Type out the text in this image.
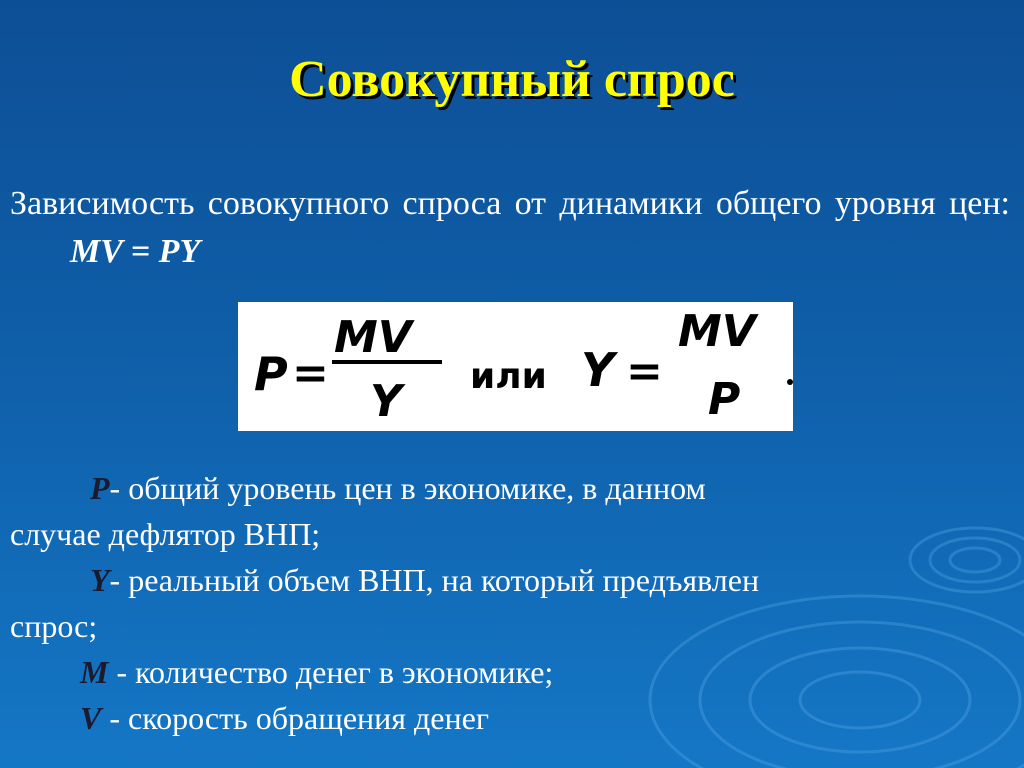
Совокупный спрос
Зависимость совокупного спроса от динамики общего уровня цен: MV = PY
P =
MV
Y или Y =
MV
P
P- общий уровень цен в экономике, в данном
случае дефлятор ВНП;
Y- реальный объем ВНП, на который предъявлен
спрос;
M - количество денег в экономике;
V - скорость обращения денег
